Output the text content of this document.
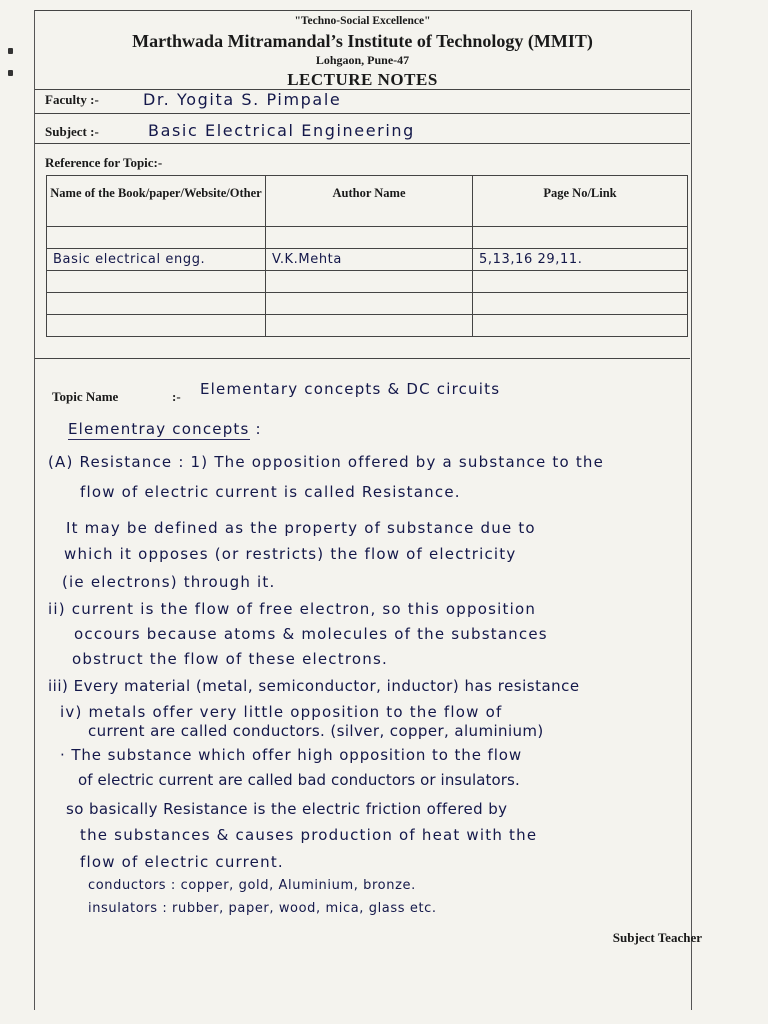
"Techno-Social Excellence"
Marthwada Mitramandal’s Institute of Technology (MMIT)
Lohgaon, Pune-47
LECTURE NOTES
Faculty :-	Dr. Yogita S. Pimpale
Subject :-	Basic Electrical Engineering
Reference for Topic:-
Name of the Book/paper/Website/Other	Author Name	Page No/Link

Basic electrical engg.	V.K.Mehta	5,13,16 29,11.

Topic Name	:- Elementary concepts & DC circuits
Elementray concepts :
(A) Resistance : 1) The opposition offered by a substance to the
flow of electric current is called Resistance.
It may be defined as the property of substance due to
which it opposes (or restricts) the flow of electricity
(ie electrons) through it.
ii) current is the flow of free electron, so this opposition
occours because atoms & molecules of the substances
obstruct the flow of these electrons.
iii) Every material (metal, semiconductor, inductor) has resistance
iv) metals offer very little opposition to the flow of
current are called conductors. (silver, copper, aluminium)
· The substance which offer high opposition to the flow
of electric current are called bad conductors or insulators.
so basically Resistance is the electric friction offered by
the substances & causes production of heat with the
flow of electric current.
conductors : copper, gold, Aluminium, bronze.
insulators : rubber, paper, wood, mica, glass etc.
Subject Teacher
